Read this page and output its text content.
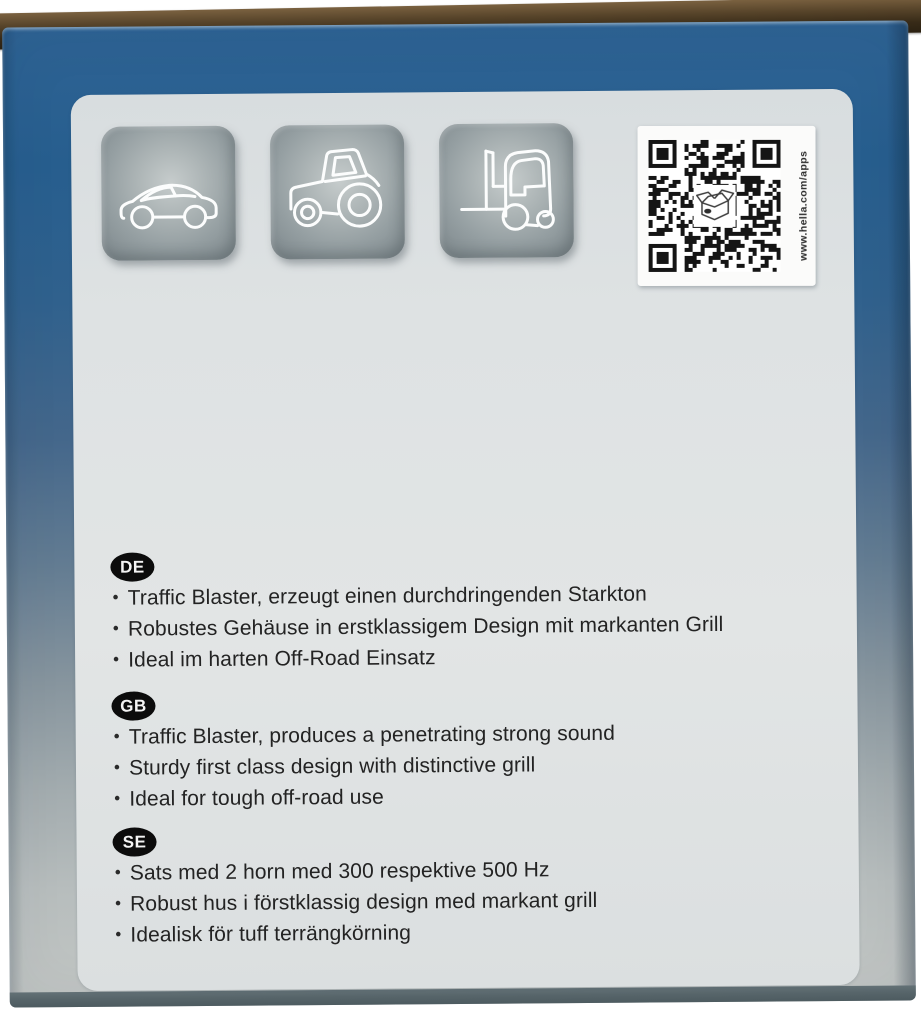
www.hella.com/apps
DE
• Traffic Blaster, erzeugt einen durchdringenden Starkton
• Robustes Gehäuse in erstklassigem Design mit markanten Grill
• Ideal im harten Off-Road Einsatz
GB
• Traffic Blaster, produces a penetrating strong sound
• Sturdy first class design with distinctive grill
• Ideal for tough off-road use
SE
• Sats med 2 horn med 300 respektive 500 Hz
• Robust hus i förstklassig design med markant grill
• Idealisk för tuff terrängkörning
